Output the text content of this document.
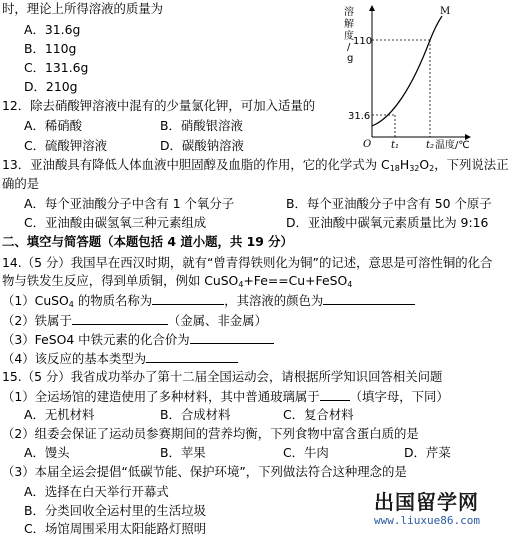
时，理论上所得溶液的质量为
A．31.6g
B．110g
C．131.6g
D．210g
溶
解
度
/
g
M
110
31.6
O t₁	t₂ 温度/℃
12．除去硝酸钾溶液中混有的少量氯化钾，可加入适量的
A．稀硝酸	B．硝酸银溶液
C．硫酸钾溶液	D．碳酸钠溶液
13．亚油酸具有降低人体血液中胆固醇及血脂的作用，它的化学式为 $C_{18}H_{32}O_2$，下列说法正
确的是
A．每个亚油酸分子中含有 1 个氧分子	B．每个亚油酸分子中含有 50 个原子
C．亚油酸由碳氢氧三种元素组成	D．亚油酸中碳氧元素质量比为 9:16
二、填空与简答题（本题包括 4 道小题，共 19 分）
14.（5 分）我国早在西汉时期，就有“曾青得铁则化为铜”的记述，意思是可溶性铜的化合
物与铁发生反应，得到单质铜，例如 CuSO$_4$+Fe==Cu+FeSO$_4$
（1）CuSO$_4$ 的物质名称为	，其溶液的颜色为
（2）铁属于	（金属、非金属）
（3）FeSO4 中铁元素的化合价为
（4）该反应的基本类型为
15.（5 分）我省成功举办了第十二届全国运动会，请根据所学知识回答相关问题
（1）全运场馆的建造使用了多种材料，其中普通玻璃属于 （填字母，下同）
A．无机材料	B．合成材料	C．复合材料
（2）组委会保证了运动员参赛期间的营养均衡，下列食物中富含蛋白质的是
A．馒头	B．苹果	C．牛肉	D．芹菜
（3）本届全运会提倡“低碳节能、保护环境”，下列做法符合这种理念的是
A．选择在白天举行开幕式
B．分类回收全运村里的生活垃圾
C．场馆周围采用太阳能路灯照明
出国留学网
www.liuxue86.com
